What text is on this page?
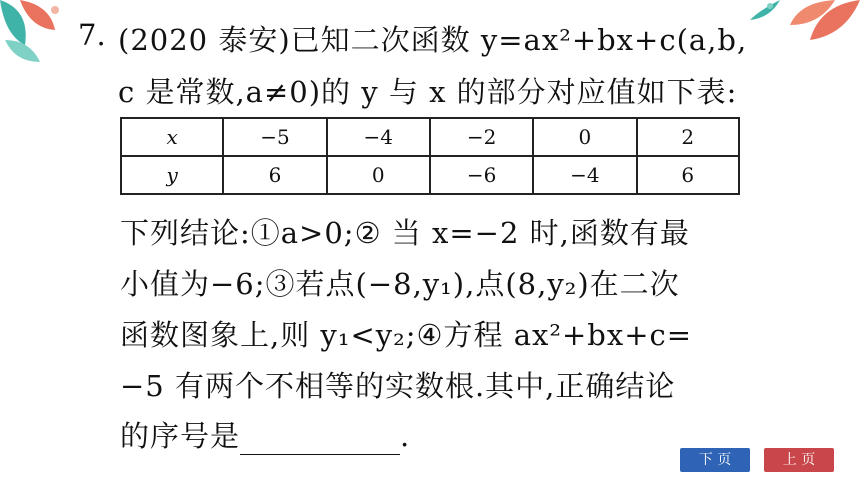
7. (2020 泰安)已知二次函数 y=ax²+bx+c(a,b,
c 是常数,a≠0)的 y 与 x 的部分对应值如下表:
x	−5	−4	−2	0	2
y	6	0	−6	−4	6
下列结论:①a>0;② 当 x=−2 时,函数有最
小值为−6;③若点(−8,y₁),点(8,y₂)在二次
函数图象上,则 y₁<y₂;④方程 ax²+bx+c=
−5 有两个不相等的实数根.其中,正确结论
的序号是	.
下 页	上 页
